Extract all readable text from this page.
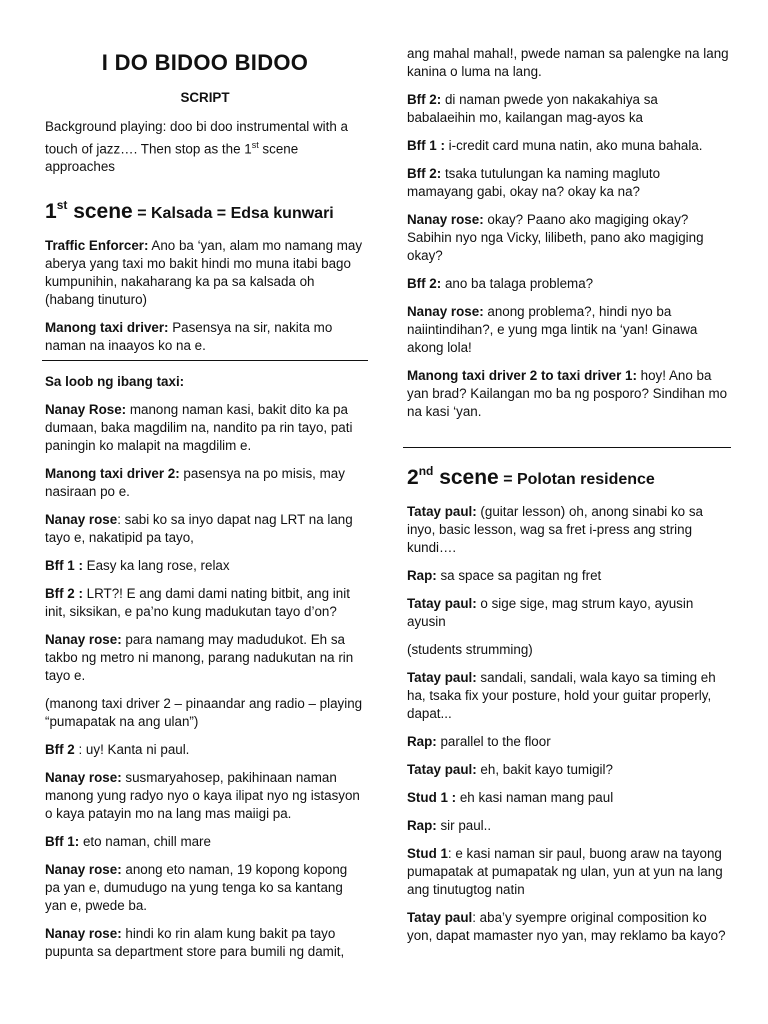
I DO BIDOO BIDOO
SCRIPT
Background playing: doo bi doo instrumental with a touch of jazz…. Then stop as the 1st scene approaches
1st scene = Kalsada = Edsa kunwari

Traffic Enforcer: Ano ba ‘yan, alam mo namang may aberya yang taxi mo bakit hindi mo muna itabi bago kumpunihin, nakaharang ka pa sa kalsada oh (habang tinuturo)

Manong taxi driver: Pasensya na sir, nakita mo naman na inaayos ko na e.

Sa loob ng ibang taxi:

Nanay Rose: manong naman kasi, bakit dito ka pa dumaan, baka magdilim na, nandito pa rin tayo, pati paningin ko malapit na magdilim e.

Manong taxi driver 2: pasensya na po misis, may nasiraan po e.

Nanay rose: sabi ko sa inyo dapat nag LRT na lang tayo e, nakatipid pa tayo,

Bff 1 : Easy ka lang rose, relax

Bff 2 : LRT?! E ang dami dami nating bitbit, ang init init, siksikan, e pa’no kung madukutan tayo d’on?

Nanay rose: para namang may madudukot. Eh sa takbo ng metro ni manong, parang nadukutan na rin tayo e.

(manong taxi driver 2 – pinaandar ang radio – playing “pumapatak na ang ulan”)

Bff 2 : uy! Kanta ni paul.

Nanay rose: susmaryahosep, pakihinaan naman manong yung radyo nyo o kaya ilipat nyo ng istasyon o kaya patayin mo na lang mas maiigi pa.

Bff 1: eto naman, chill mare

Nanay rose: anong eto naman, 19 kopong kopong pa yan e, dumudugo na yung tenga ko sa kantang yan e, pwede ba.

Nanay rose: hindi ko rin alam kung bakit pa tayo pupunta sa department store para bumili ng damit,

ang mahal mahal!, pwede naman sa palengke na lang kanina o luma na lang.

Bff 2: di naman pwede yon nakakahiya sa babalaeihin mo, kailangan mag-ayos ka

Bff 1 : i-credit card muna natin, ako muna bahala.

Bff 2: tsaka tutulungan ka naming magluto mamayang gabi, okay na? okay ka na?

Nanay rose: okay? Paano ako magiging okay? Sabihin nyo nga Vicky, lilibeth, pano ako magiging okay?

Bff 2: ano ba talaga problema?

Nanay rose: anong problema?, hindi nyo ba naiintindihan?, e yung mga lintik na ‘yan! Ginawa akong lola!

Manong taxi driver 2 to taxi driver 1: hoy! Ano ba yan brad? Kailangan mo ba ng posporo? Sindihan mo na kasi ‘yan.

2nd scene = Polotan residence

Tatay paul: (guitar lesson) oh, anong sinabi ko sa inyo, basic lesson, wag sa fret i-press ang string kundi….

Rap: sa space sa pagitan ng fret

Tatay paul: o sige sige, mag strum kayo, ayusin ayusin

(students strumming)

Tatay paul: sandali, sandali, wala kayo sa timing eh ha, tsaka fix your posture, hold your guitar properly, dapat...

Rap: parallel to the floor

Tatay paul: eh, bakit kayo tumigil?

Stud 1 : eh kasi naman mang paul

Rap: sir paul..

Stud 1: e kasi naman sir paul, buong araw na tayong pumapatak at pumapatak ng ulan, yun at yun na lang ang tinutugtog natin

Tatay paul: aba’y syempre original composition ko yon, dapat mamaster nyo yan, may reklamo ba kayo?
